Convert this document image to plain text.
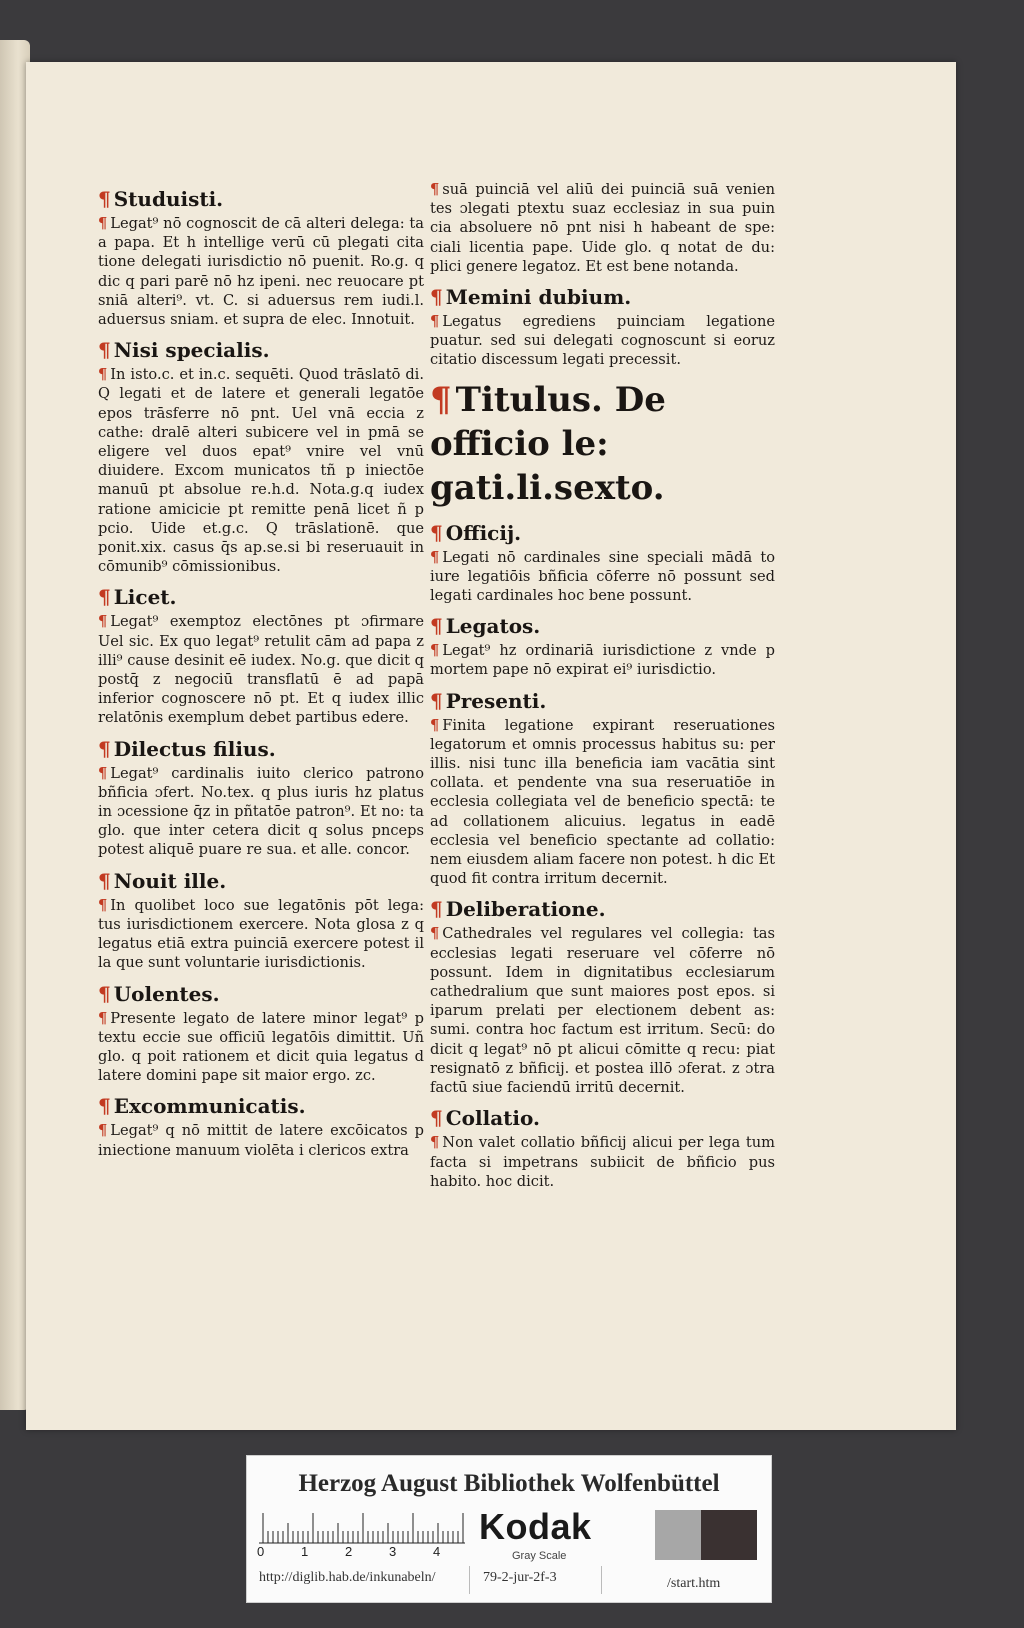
¶ Studuisti.
¶ Legat⁹ nō cognoscit de cā alteri delega: ta a papa. Et h intellige verū cū plegati cita tione delegati iurisdictio nō puenit. Ro.g. q dic q pari parē nō hz ipeni. nec reuocare pt sniā alteri⁹. vt. C. si aduersus rem iudi.l. aduersus sniam. et supra de elec. Innotuit.
¶ Nisi specialis.
¶ In isto.c. et in.c. sequēti. Quod trāslatō di. Q legati et de latere et generali legatōe epos trāsferre nō pnt. Uel vnā eccia z cathe: dralē alteri subicere vel in pmā se eligere vel duos epat⁹ vnire vel vnū diuidere. Excom municatos tñ p iniectōe manuū pt absolue re.h.d. Nota.g.q iudex ratione amicicie pt remitte penā licet ñ p pcio. Uide et.g.c. Q trāslationē. que ponit.xix. casus q̄s ap.se.si bi reseruauit in cōmunib⁹ cōmissionibus.
¶ Licet.
¶ Legat⁹ exemptoz electōnes pt ɔfirmare Uel sic. Ex quo legat⁹ retulit cām ad papa z illi⁹ cause desinit eē iudex. No.g. que dicit q postq̄ z negociū transflatū ē ad papā inferior cognoscere nō pt. Et q iudex illic relatōnis exemplum debet partibus edere.
¶ Dilectus filius.
¶ Legat⁹ cardinalis iuito clerico patrono bñficia ɔfert. No.tex. q plus iuris hz platus in ɔcessione q̄z in pñtatōe patron⁹. Et no: ta glo. que inter cetera dicit q solus pnceps potest aliquē puare re sua. et alle. concor.
¶ Nouit ille.
¶ In quolibet loco sue legatōnis pōt lega: tus iurisdictionem exercere. Nota glosa z q legatus etiā extra puinciā exercere potest il la que sunt voluntarie iurisdictionis.
¶ Uolentes.
¶ Presente legato de latere minor legat⁹ p textu eccie sue officiū legatōis dimittit. Uñ glo. q poit rationem et dicit quia legatus d latere domini pape sit maior ergo. zc.
¶ Excommunicatis.
¶ Legat⁹ q nō mittit de latere excōicatos p iniectione manuum violēta i clericos extra
¶ suā puinciā vel aliū dei puinciā suā venien tes ɔlegati ptextu suaz ecclesiaz in sua puin cia absoluere nō pnt nisi h habeant de spe: ciali licentia pape. Uide glo. q notat de du: plici genere legatoz. Et est bene notanda.
¶ Memini dubium.
¶ Legatus egrediens puinciam legatione puatur. sed sui delegati cognoscunt si eoruz citatio discessum legati precessit.
¶ Titulus. De officio le: gati.li.sexto.
¶ Officij.
¶ Legati nō cardinales sine speciali mādā to iure legatiōis bñficia cōferre nō possunt sed legati cardinales hoc bene possunt.
¶ Legatos.
¶ Legat⁹ hz ordinariā iurisdictione z vnde p mortem pape nō expirat ei⁹ iurisdictio.
¶ Presenti.
¶ Finita legatione expirant reseruationes legatorum et omnis processus habitus su: per illis. nisi tunc illa beneficia iam vacātia sint collata. et pendente vna sua reseruatiōe in ecclesia collegiata vel de beneficio spectā: te ad collationem alicuius. legatus in eadē ecclesia vel beneficio spectante ad collatio: nem eiusdem aliam facere non potest. h dic Et quod fit contra irritum decernit.
¶ Deliberatione.
¶ Cathedrales vel regulares vel collegia: tas ecclesias legati reseruare vel cōferre nō possunt. Idem in dignitatibus ecclesiarum cathedralium que sunt maiores post epos. si iparum prelati per electionem debent as: sumi. contra hoc factum est irritum. Secū: do dicit q legat⁹ nō pt alicui cōmitte q recu: piat resignatō z bñficij. et postea illō ɔferat. z ɔtra factū siue faciendū irritū decernit.
¶ Collatio.
¶ Non valet collatio bñficij alicui per lega tum facta si impetrans subiicit de bñficio pus habito. hoc dicit.
Herzog August Bibliothek Wolfenbüttel
0	1	2	3	4
Kodak
Gray Scale
http://diglib.hab.de/inkunabeln/	79-2-jur-2f-3	/start.htm
